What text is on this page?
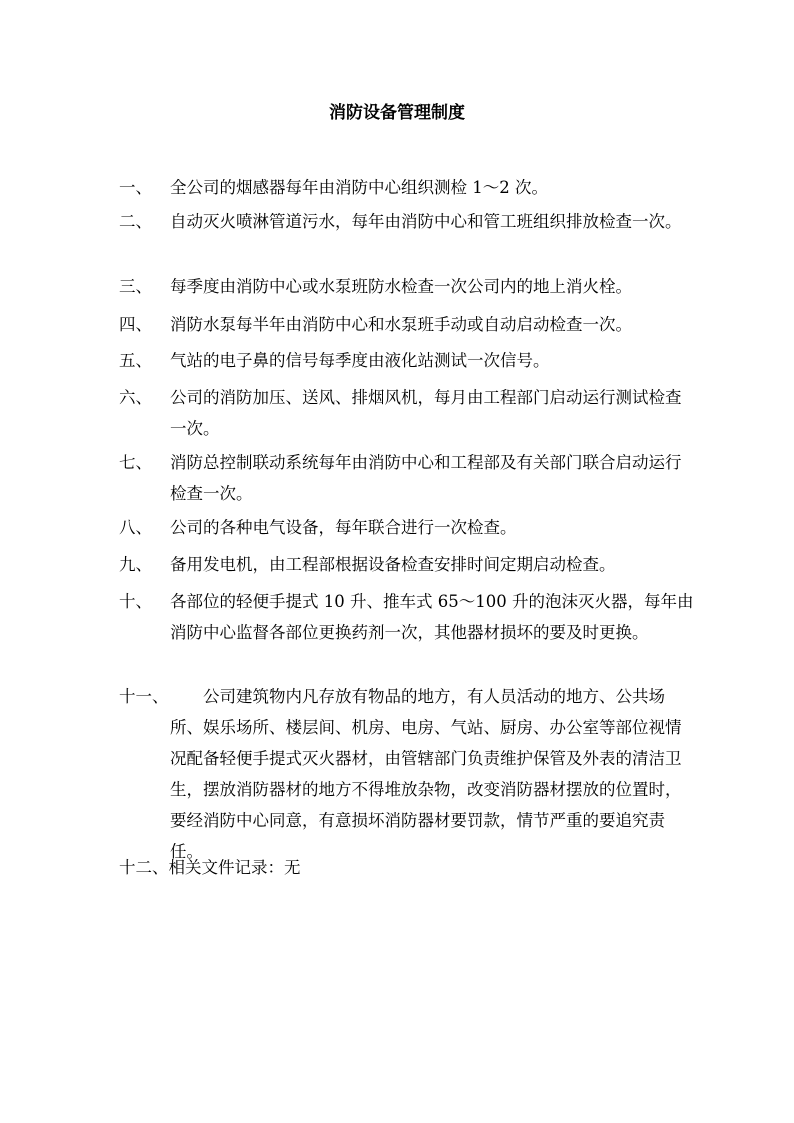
消防设备管理制度
一、	全公司的烟感器每年由消防中心组织测检 1～2 次。
二、	自动灭火喷淋管道污水，每年由消防中心和管工班组织排放检查一次。
三、	每季度由消防中心或水泵班防水检查一次公司内的地上消火栓。
四、	消防水泵每半年由消防中心和水泵班手动或自动启动检查一次。
五、	气站的电子鼻的信号每季度由液化站测试一次信号。
六、	公司的消防加压、送风、排烟风机，每月由工程部门启动运行测试检查一次。
七、	消防总控制联动系统每年由消防中心和工程部及有关部门联合启动运行检查一次。
八、	公司的各种电气设备，每年联合进行一次检查。
九、	备用发电机，由工程部根据设备检查安排时间定期启动检查。
十、	各部位的轻便手提式 10 升、推车式 65～100 升的泡沫灭火器，每年由消防中心监督各部位更换药剂一次，其他器材损坏的要及时更换。
十一、	公司建筑物内凡存放有物品的地方，有人员活动的地方、公共场所、娱乐场所、楼层间、机房、电房、气站、厨房、办公室等部位视情况配备轻便手提式灭火器材，由管辖部门负责维护保管及外表的清洁卫生，摆放消防器材的地方不得堆放杂物，改变消防器材摆放的位置时，要经消防中心同意，有意损坏消防器材要罚款，情节严重的要追究责任。
十二、相关文件记录：无
